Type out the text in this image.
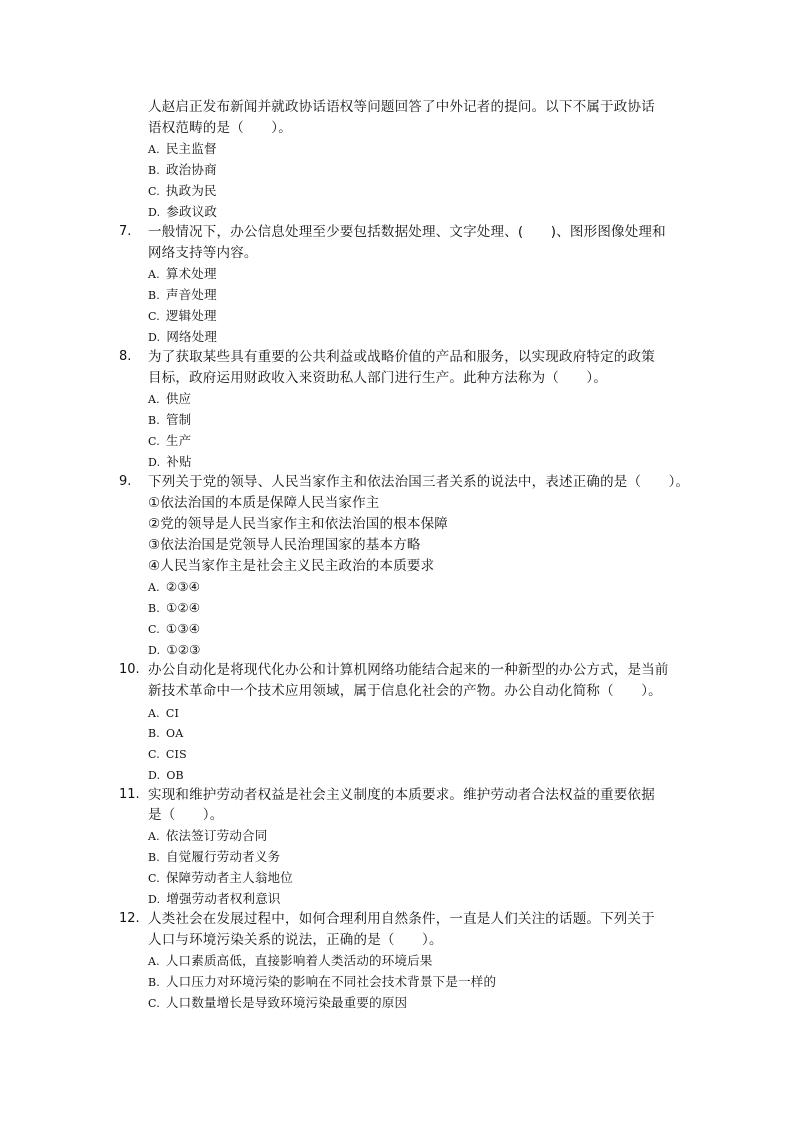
人赵启正发布新闻并就政协话语权等问题回答了中外记者的提问。以下不属于政协话
语权范畴的是（　　）。
A. 民主监督
B. 政治协商
C. 执政为民
D. 参政议政
7. 一般情况下，办公信息处理至少要包括数据处理、文字处理、(　　)、图形图像处理和
网络支持等内容。
A. 算术处理
B. 声音处理
C. 逻辑处理
D. 网络处理
8. 为了获取某些具有重要的公共利益或战略价值的产品和服务，以实现政府特定的政策
目标，政府运用财政收入来资助私人部门进行生产。此种方法称为（　　）。
A. 供应
B. 管制
C. 生产
D. 补贴
9. 下列关于党的领导、人民当家作主和依法治国三者关系的说法中，表述正确的是（　　）。
①依法治国的本质是保障人民当家作主
②党的领导是人民当家作主和依法治国的根本保障
③依法治国是党领导人民治理国家的基本方略
④人民当家作主是社会主义民主政治的本质要求
A. ②③④
B. ①②④
C. ①③④
D. ①②③
10. 办公自动化是将现代化办公和计算机网络功能结合起来的一种新型的办公方式，是当前
新技术革命中一个技术应用领域，属于信息化社会的产物。办公自动化简称（　　）。
A. CI
B. OA
C. CIS
D. OB
11. 实现和维护劳动者权益是社会主义制度的本质要求。维护劳动者合法权益的重要依据
是（　　）。
A. 依法签订劳动合同
B. 自觉履行劳动者义务
C. 保障劳动者主人翁地位
D. 增强劳动者权利意识
12. 人类社会在发展过程中，如何合理利用自然条件，一直是人们关注的话题。下列关于
人口与环境污染关系的说法，正确的是（　　）。
A. 人口素质高低，直接影响着人类活动的环境后果
B. 人口压力对环境污染的影响在不同社会技术背景下是一样的
C. 人口数量增长是导致环境污染最重要的原因
